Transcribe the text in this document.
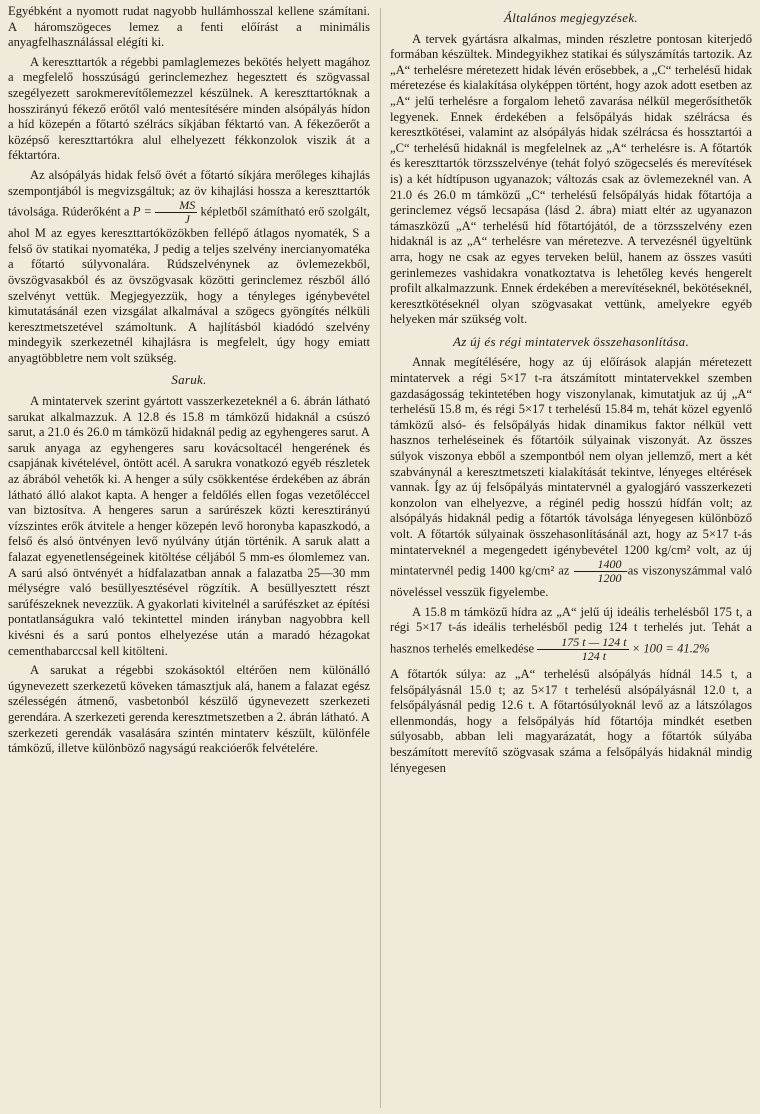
Egyébként a nyomott rudat nagyobb hullámhosszal kellene számítani. A háromszögeces lemez a fenti előírást a minimális anyagfelhasználással elégíti ki.

A kereszttartók a régebbi pamlaglemezes bekötés helyett magához a megfelelő hosszúságú gerinclemezhez hegesztett és szögvassal szegélyezett sarokmerevítőlemezzel készülnek. A kereszttartóknak a hosszirányú fékező erőtől való mentesítésére minden alsópályás hídon a híd közepén a főtartó szélrács síkjában féktartó van. A fékezőerőt a középső kereszttartókra alul elhelyezett fékkonzolok viszik át a féktartóra.

Az alsópályás hidak felső övét a főtartó síkjára merőleges kihajlás szempontjából is megvizsgáltuk; az öv kihajlási hossza a kereszttartók távolsága. Rúderőként a $P = \frac{MS}{J}$ képletből számítható erő szolgált, ahol M az egyes kereszttartóközökben fellépő átlagos nyomaték, S a felső öv statikai nyomatéka, J pedig a teljes szelvény inercianyomatéka a főtartó súlyvonalára. Rúdszelvénynek az övlemezekből, övszögvasakból és az övszögvasak közötti gerinclemez részből álló szelvényt vettük. Megjegyezzük, hogy a tényleges igénybevétel kimutatásánál ezen vizsgálat alkalmával a szögecs gyöngítés nélküli keresztmetszetével számoltunk. A hajlításból kiadódó szelvény mindegyik szerkezetnél kihajlásra is megfelelt, úgy hogy emiatt anyagtöbbletre nem volt szükség.

Saruk.

A mintatervek szerint gyártott vasszerkezeteknél a 6. ábrán látható sarukat alkalmazzuk. A 12.8 és 15.8 m támközű hidaknál a csúszó sarut, a 21.0 és 26.0 m támközű hidaknál pedig az egyhengeres sarut. A saruk anyaga az egyhengeres saru kovácsoltacél hengerének és csapjának kivételével, öntött acél. A sarukra vonatkozó egyéb részletek az ábrából vehetők ki. A henger a súly csökkentése érdekében az ábrán látható álló alakot kapta. A henger a feldőlés ellen fogas vezetőléccel van biztosítva. A hengeres sarun a sarúrészek közti keresztirányú vízszintes erők átvitele a henger közepén levő horonyba kapaszkodó, a felső és alsó öntvényen levő nyúlvány útján történik. A saruk alatt a falazat egyenetlenségeinek kitöltése céljából 5 mm-es ólomlemez van. A sarú alsó öntvényét a hídfalazatban annak a falazatba 25—30 mm mélységre való besüllyesztésével rögzítik. A besüllyesztett részt sarúfészeknek nevezzük. A gyakorlati kivitelnél a sarúfészket az építési pontatlanságukra való tekintettel minden irányban nagyobbra kell kivésni és a sarú pontos elhelyezése után a maradó hézagokat cementhabarccsal kell kitölteni.

A sarukat a régebbi szokásoktól eltérően nem különálló úgynevezett szerkezetű köveken támasztjuk alá, hanem a falazat egész szélességén átmenő, vasbetonból készülő úgynevezett szerkezeti gerendára. A szerkezeti gerenda keresztmetszetben a 2. ábrán látható. A szerkezeti gerendák vasalására szintén mintaterv készült, különféle támközű, illetve különböző nagyságú reakcióerők felvételére.

Általános megjegyzések.

A tervek gyártásra alkalmas, minden részletre pontosan kiterjedő formában készültek. Mindegyikhez statikai és súlyszámítás tartozik. Az „A“ terhelésre méretezett hidak lévén erősebbek, a „C“ terhelésű hidak méretezése és kialakítása olyképpen történt, hogy azok adott esetben az „A“ jelű terhelésre a forgalom lehető zavarása nélkül megerősíthetők legyenek. Ennek érdekében a felsőpályás hidak szélrácsa és keresztkötései, valamint az alsópályás hidak szélrácsa és hossztartói a „C“ terhelésű hidaknál is megfelelnek az „A“ terhelésre is. A főtartók és kereszttartók törzsszelvénye (tehát folyó szögecselés és merevítések is) a két hídtípuson ugyanazok; változás csak az övlemezeknél van. A 21.0 és 26.0 m támközű „C“ terhelésű felsőpályás hidak főtartója a gerinclemez végső lecsapása (lásd 2. ábra) miatt eltér az ugyanazon támaszközű „A“ terhelésű híd főtartójától, de a törzsszelvény ezen hidaknál is az „A“ terhelésre van méretezve. A tervezésnél ügyeltünk arra, hogy ne csak az egyes terveken belül, hanem az összes vasúti gerinlemezes vashidakra vonatkoztatva is lehetőleg kevés hengerelt profilt alkalmazzunk. Ennek érdekében a merevítéseknél, bekötéseknél, keresztkötéseknél olyan szögvasakat vettünk, amelyekre egyéb helyeken már szükség volt.

Az új és régi mintatervek összehasonlítása.

Annak megítélésére, hogy az új előírások alapján méretezett mintatervek a régi 5×17 t-ra átszámított mintatervekkel szemben gazdaságosság tekintetében hogy viszonylanak, kimutatjuk az új „A“ terhelésű 15.8 m, és régi 5×17 t terhelésű 15.84 m, tehát közel egyenlő támközű alsó- és felsőpályás hidak dinamikus faktor nélkül vett hasznos terheléseinek és főtartóik súlyainak viszonyát. Az összes súlyok viszonya ebből a szempontból nem olyan jellemző, mert a két szabványnál a keresztmetszeti kialakítását tekintve, lényeges eltérések vannak. Így az új felsőpályás mintatervnél a gyalogjáró vasszerkezeti konzolon van elhelyezve, a réginél pedig hosszú hídfán volt; az alsópályás hidaknál pedig a főtartók távolsága lényegesen különböző volt. A főtartók súlyainak összehasonlításánál azt, hogy az 5×17 t-ás mintaterveknél a megengedett igénybevétel 1200 kg/cm² volt, az új mintatervnél pedig 1400 kg/cm² az $\frac{1400}{1200} -as$ viszonyszámmal való növeléssel vesszük figyelembe.

A 15.8 m támközű hídra az „A“ jelű új ideális terhelésből 175 t, a régi 5×17 t-ás ideális terhelésből pedig 124 t terhelés jut. Tehát a hasznos terhelés emelkedése $\frac{175 t — 124 t}{124 t} \times 100 = 41.2\%$

A főtartók súlya: az „A“ terhelésű alsópályás hídnál 14.5 t, a felsőpályásnál 15.0 t; az 5×17 t terhelésű alsópályásnál 12.0 t, a felsőpályásnál pedig 12.6 t. A főtartósúlyoknál levő az a látszólagos ellenmondás, hogy a felsőpályás híd főtartója mindkét esetben súlyosabb, abban leli magyarázatát, hogy a főtartók súlyába beszámított merevítő szögvasak száma a felsőpályás hidaknál mindig lényegesen
